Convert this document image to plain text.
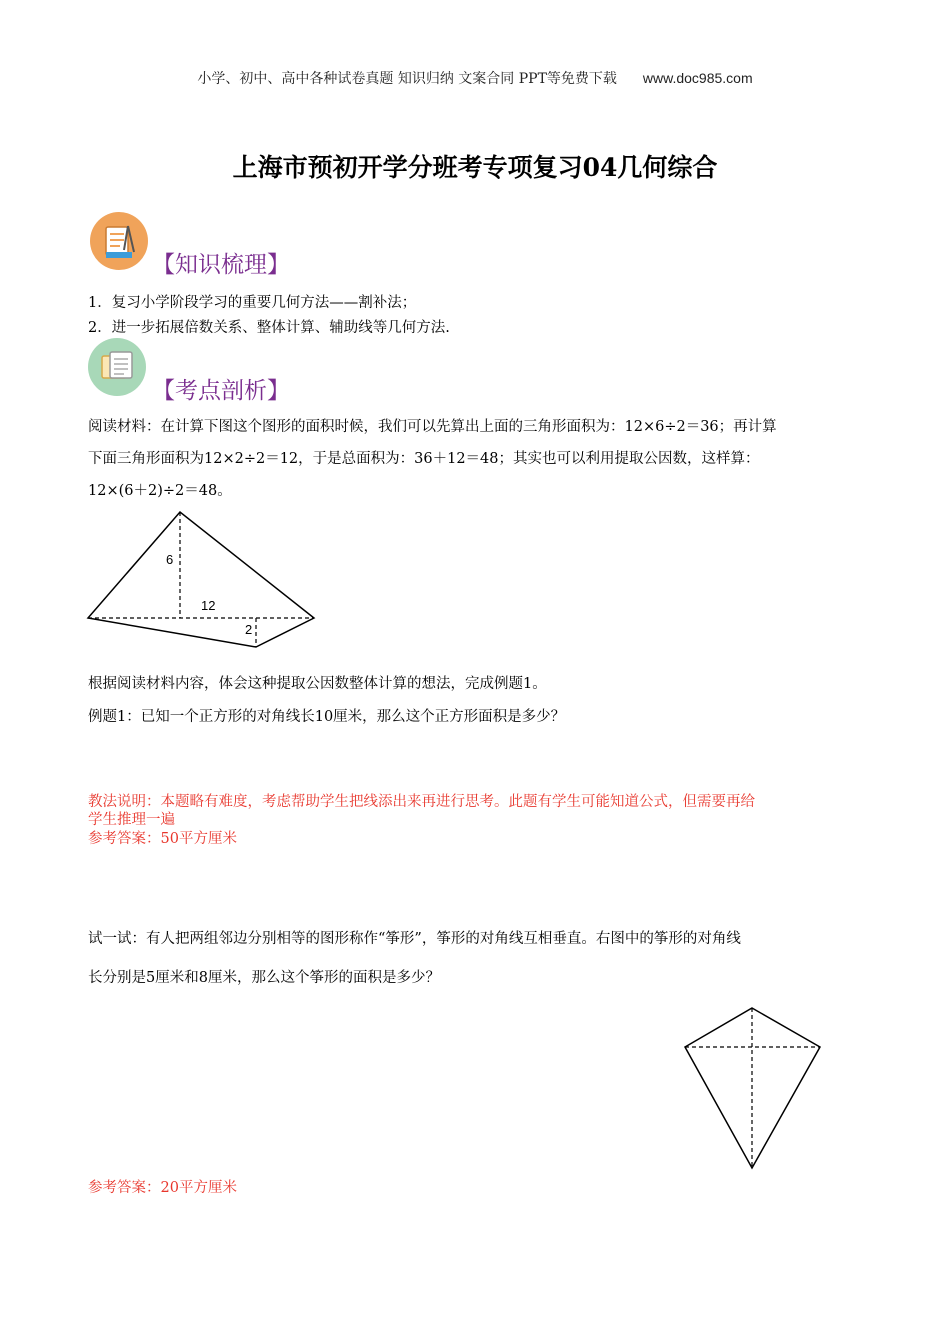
小学、初中、高中各种试卷真题 知识归纳 文案合同 PPT等免费下载 www.doc985.com
上海市预初开学分班考专项复习04几何综合
【知识梳理】
1．复习小学阶段学习的重要几何方法——割补法；
2．进一步拓展倍数关系、整体计算、辅助线等几何方法.
【考点剖析】
阅读材料：在计算下图这个图形的面积时候，我们可以先算出上面的三角形面积为：12×6÷2＝36；再计算
下面三角形面积为12×2÷2＝12，于是总面积为：36＋12＝48；其实也可以利用提取公因数，这样算：
12×(6＋2)÷2＝48。
6
12
2
根据阅读材料内容，体会这种提取公因数整体计算的想法，完成例题1。
例题1：已知一个正方形的对角线长10厘米，那么这个正方形面积是多少？
教法说明：本题略有难度，考虑帮助学生把线添出来再进行思考。此题有学生可能知道公式，但需要再给
学生推理一遍
参考答案：50平方厘米
试一试：有人把两组邻边分别相等的图形称作“筝形”，筝形的对角线互相垂直。右图中的筝形的对角线
长分别是5厘米和8厘米，那么这个筝形的面积是多少？
参考答案：20平方厘米
